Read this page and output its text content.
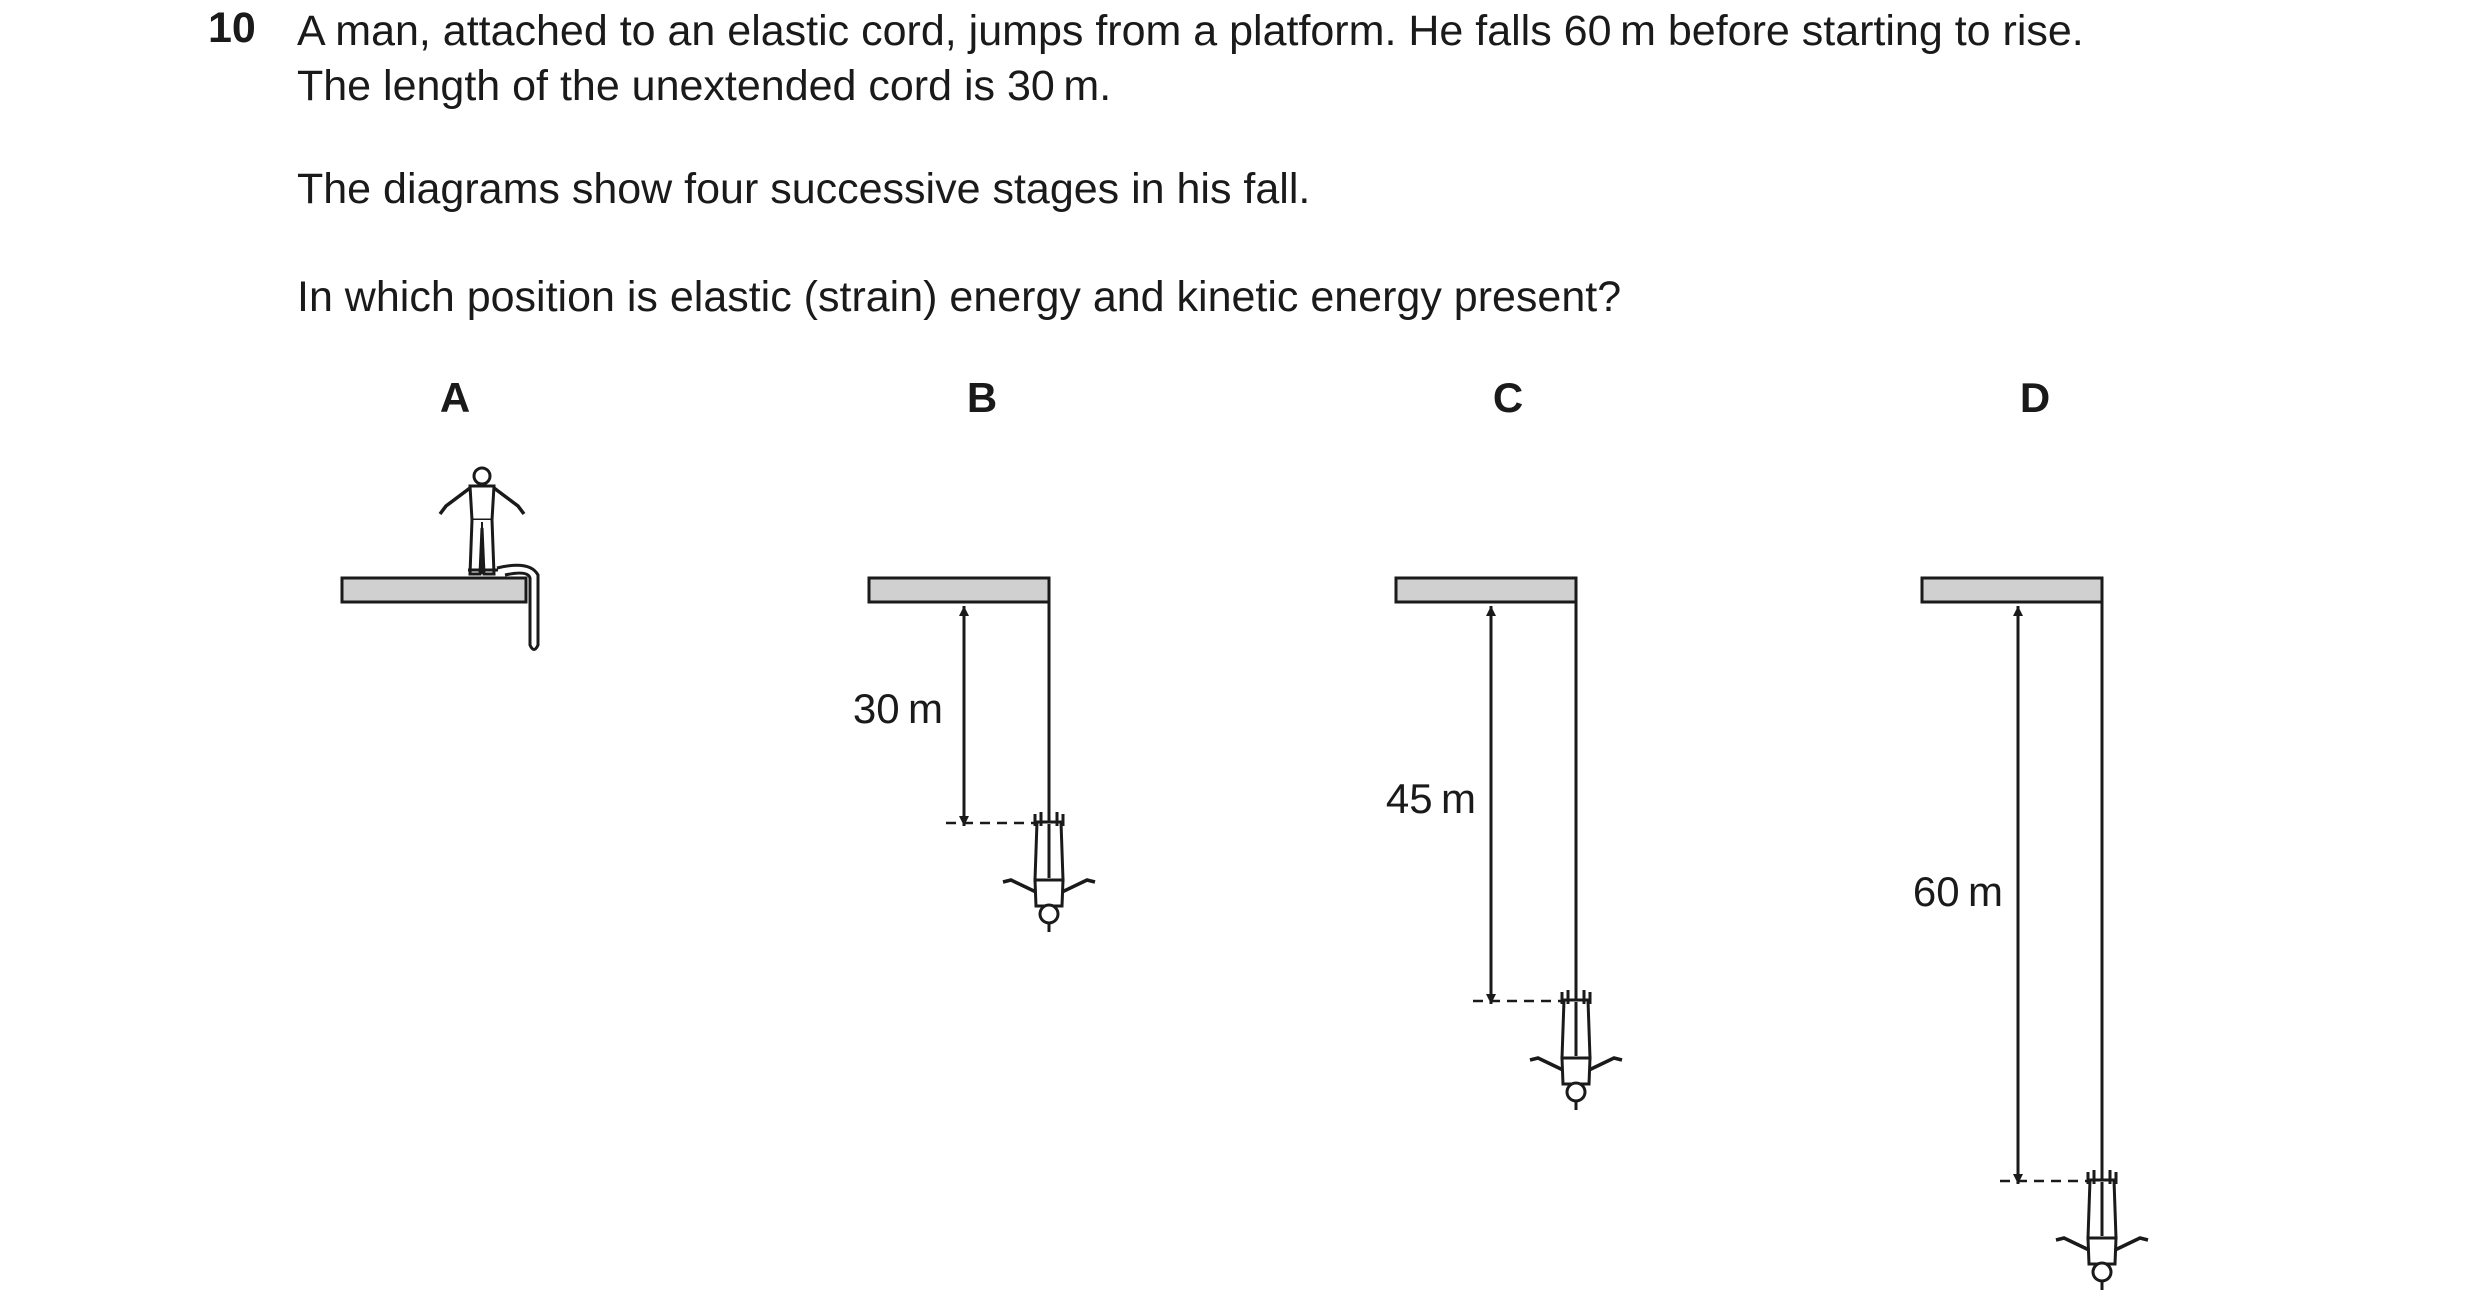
10 A man, attached to an elastic cord, jumps from a platform. He falls 60 m before starting to rise.
The length of the unextended cord is 30 m.
The diagrams show four successive stages in his fall.
In which position is elastic (strain) energy and kinetic energy present?
A	B	C	D
30 m
45 m
60 m
